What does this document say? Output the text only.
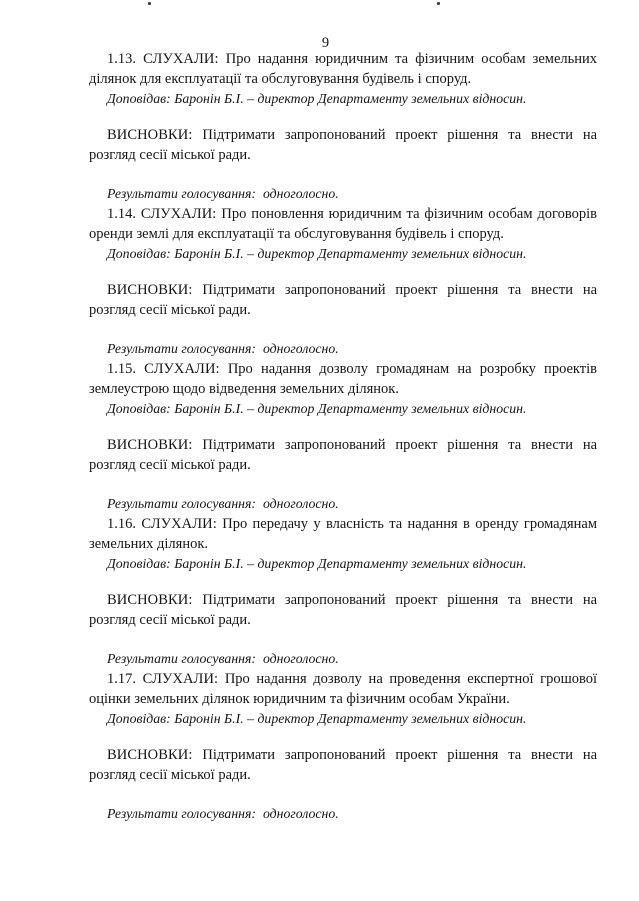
9

1.13. СЛУХАЛИ: Про надання юридичним та фізичним особам земельних ділянок для експлуатації та обслуговування будівель і споруд.

Доповідав: Баронін Б.І. – директор Департаменту земельних відносин.

ВИСНОВКИ: Підтримати запропонований проект рішення та внести на розгляд сесії міської ради.

Результати голосування: одноголосно.

1.14. СЛУХАЛИ: Про поновлення юридичним та фізичним особам договорів оренди землі для експлуатації та обслуговування будівель і споруд.

Доповідав: Баронін Б.І. – директор Департаменту земельних відносин.

ВИСНОВКИ: Підтримати запропонований проект рішення та внести на розгляд сесії міської ради.

Результати голосування: одноголосно.

1.15. СЛУХАЛИ: Про надання дозволу громадянам на розробку проектів землеустрою щодо відведення земельних ділянок.

Доповідав: Баронін Б.І. – директор Департаменту земельних відносин.

ВИСНОВКИ: Підтримати запропонований проект рішення та внести на розгляд сесії міської ради.

Результати голосування: одноголосно.

1.16. СЛУХАЛИ: Про передачу у власність та надання в оренду громадянам земельних ділянок.

Доповідав: Баронін Б.І. – директор Департаменту земельних відносин.

ВИСНОВКИ: Підтримати запропонований проект рішення та внести на розгляд сесії міської ради.

Результати голосування: одноголосно.

1.17. СЛУХАЛИ: Про надання дозволу на проведення експертної грошової оцінки земельних ділянок юридичним та фізичним особам України.

Доповідав: Баронін Б.І. – директор Департаменту земельних відносин.

ВИСНОВКИ: Підтримати запропонований проект рішення та внести на розгляд сесії міської ради.

Результати голосування: одноголосно.
